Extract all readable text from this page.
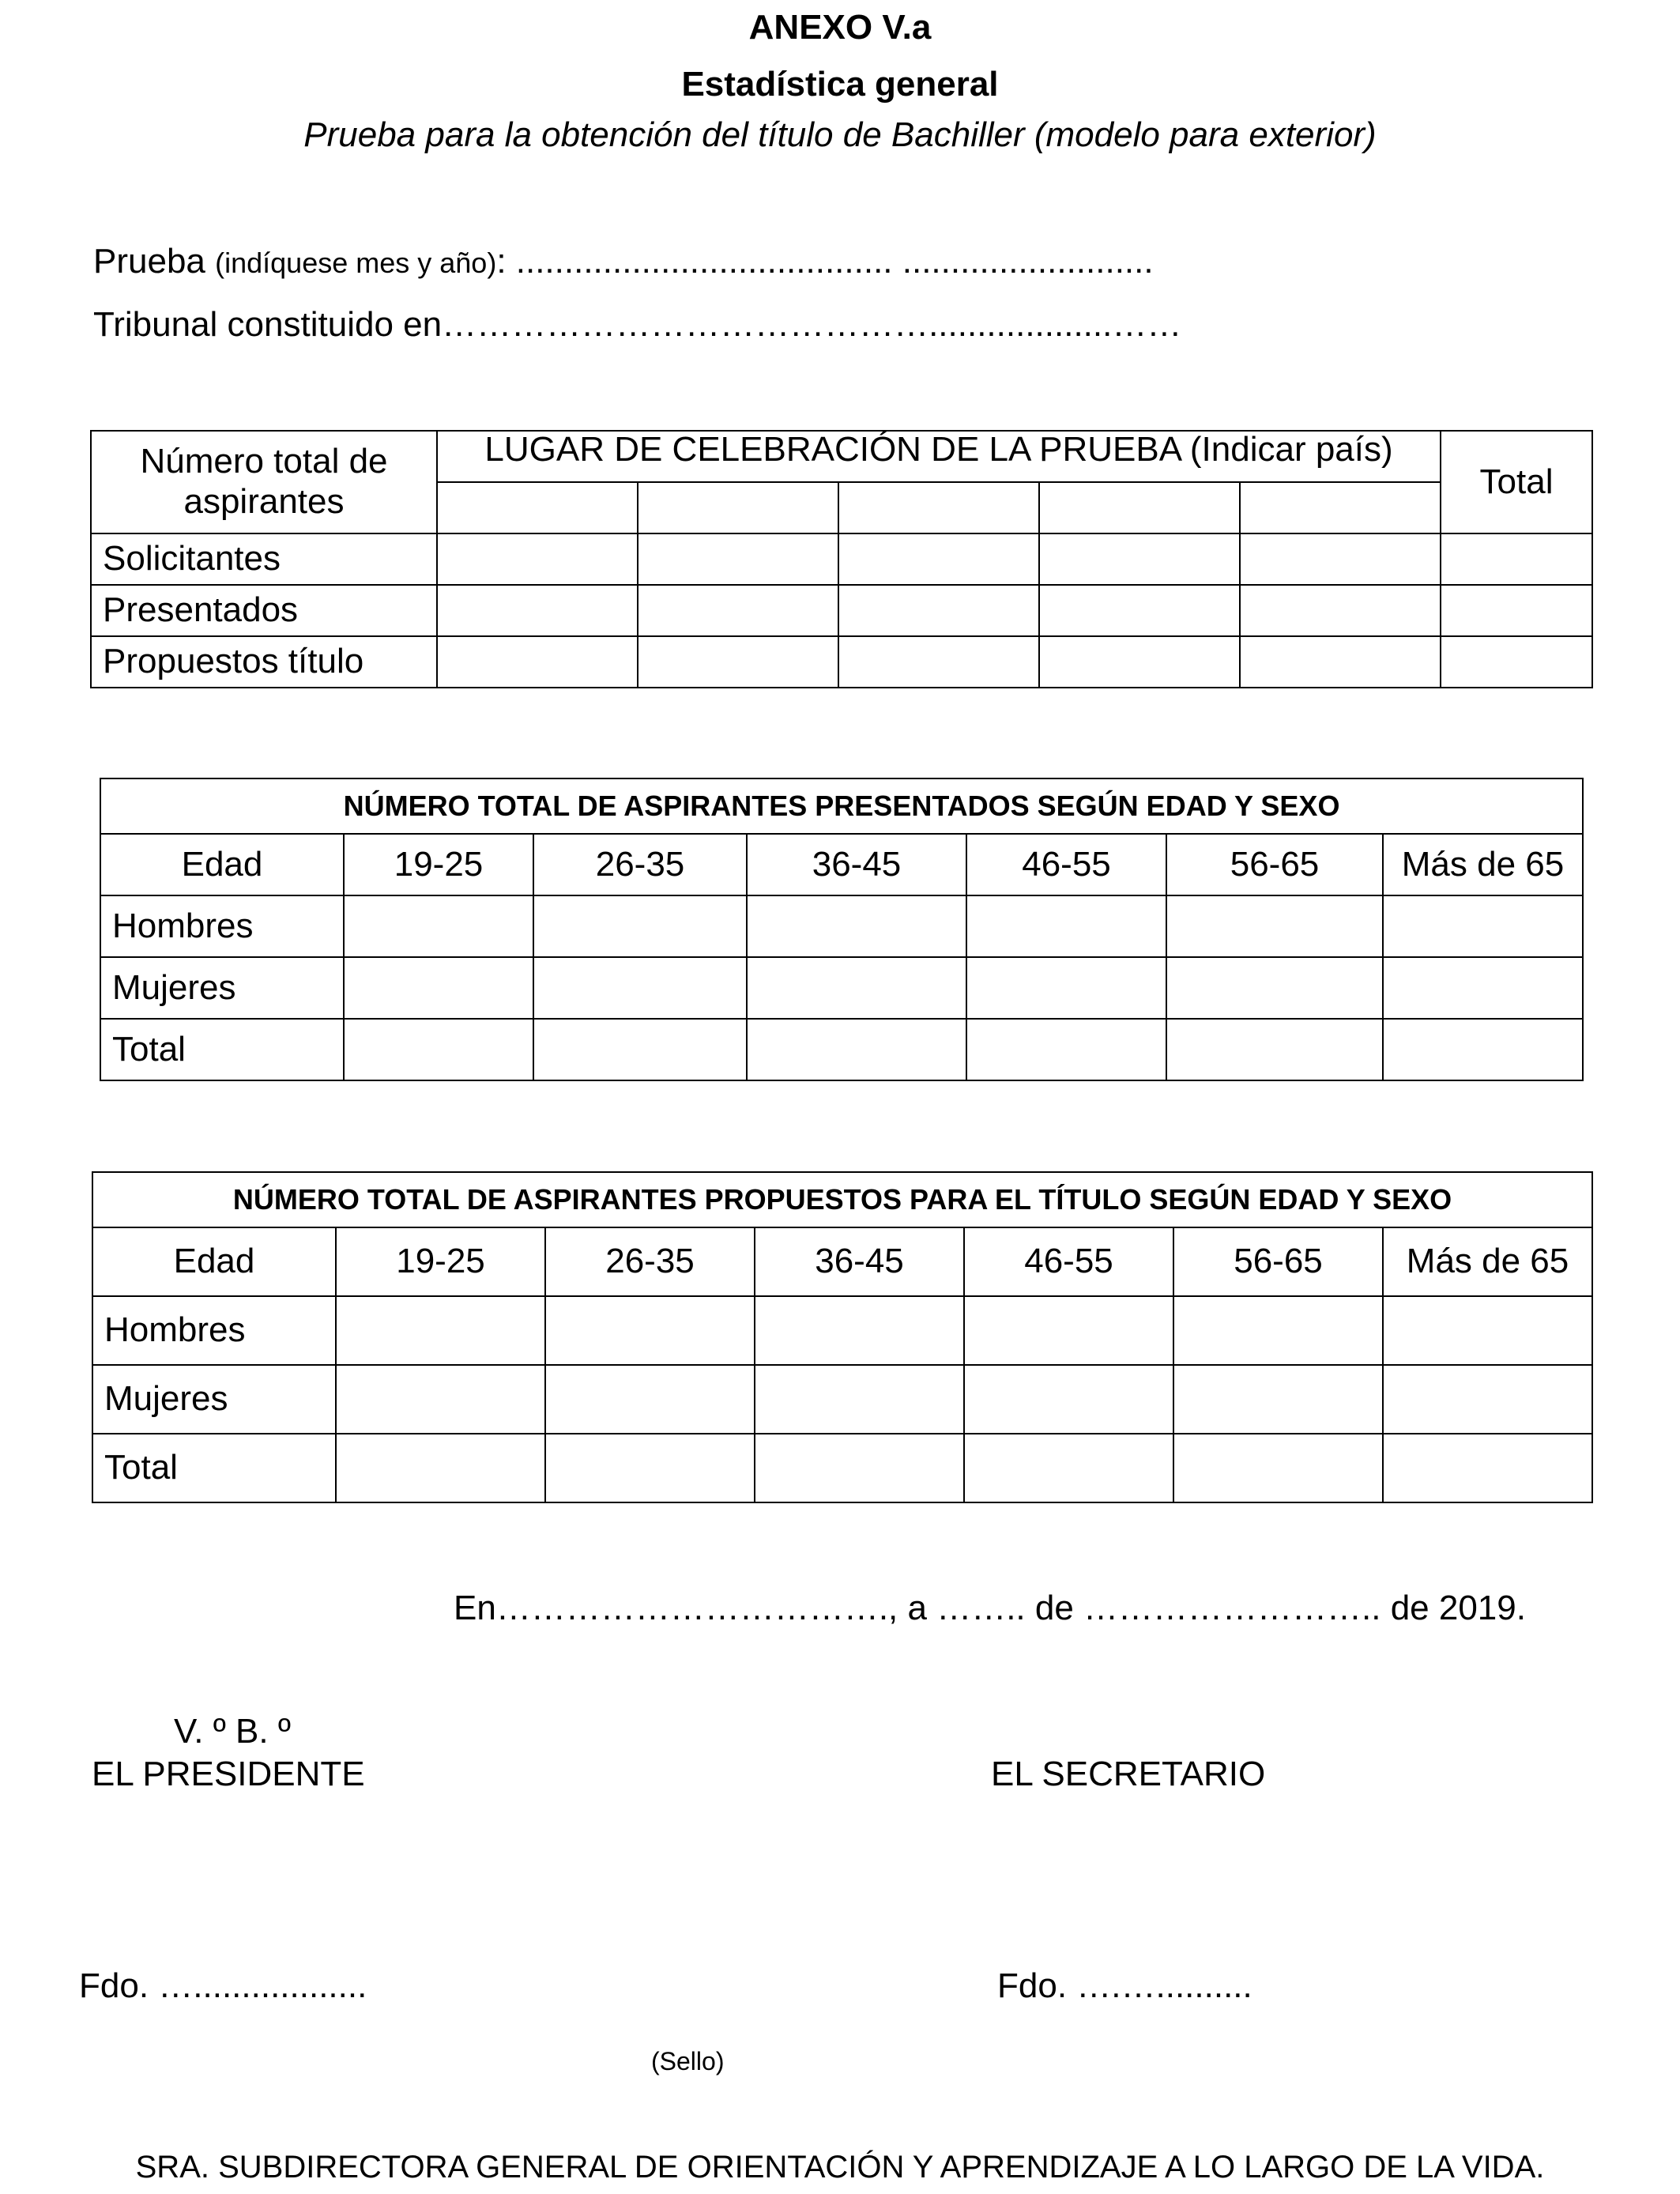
ANEXO V.a
Estadística general
Prueba para la obtención del título de Bachiller (modelo para exterior)
Prueba (indíquese mes y año): ....................................... ..........................
Tribunal constituido en……………………………………...................……
Número total de aspirantes	LUGAR DE CELEBRACIÓN DE LA PRUEBA (Indicar país)					Total

Solicitantes						
Presentados						
Propuestos título						
NÚMERO TOTAL DE ASPIRANTES PRESENTADOS SEGÚN EDAD Y SEXO						
Edad	19-25	26-35	36-45	46-55	56-65	Más de 65
Hombres						
Mujeres						
Total						
NÚMERO TOTAL DE ASPIRANTES PROPUESTOS PARA EL TÍTULO SEGÚN EDAD Y SEXO						
Edad	19-25	26-35	36-45	46-55	56-65	Más de 65
Hombres						
Mujeres						
Total						
En……………………………., a …….. de …………………….. de 2019.
V. º B. º
EL PRESIDENTE	EL SECRETARIO
Fdo. …..................	Fdo. ….…..........
(Sello)
SRA. SUBDIRECTORA GENERAL DE ORIENTACIÓN Y APRENDIZAJE A LO LARGO DE LA VIDA.
